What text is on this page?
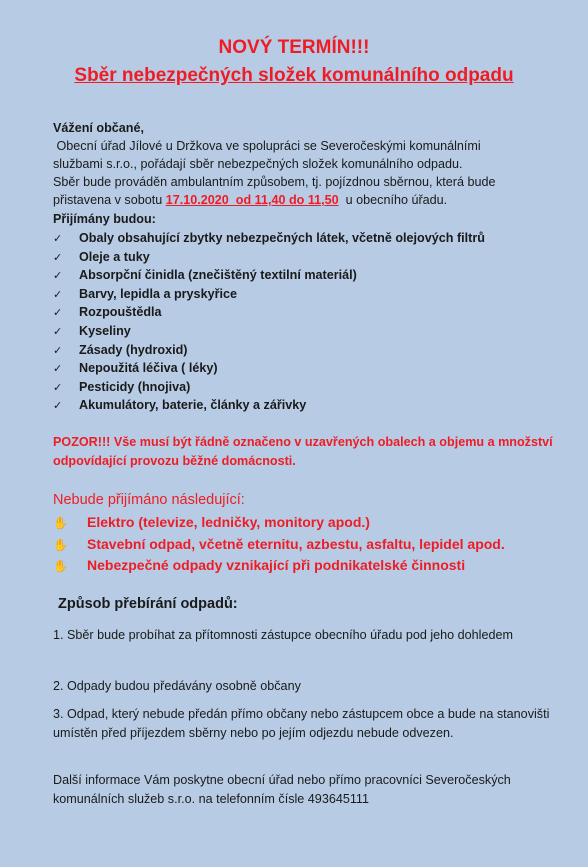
NOVÝ TERMÍN!!!
Sběr nebezpečných složek komunálního odpadu
Vážení občané,
Obecní úřad Jílové u Držkova ve spolupráci se Severočeskými komunálními
službami s.r.o., pořádají sběr nebezpečných složek komunálního odpadu.
Sběr bude prováděn ambulantním způsobem, tj. pojízdnou sběrnou, která bude
přistavena v sobotu 17.10.2020  od 11,40 do 11,50  u obecního úřadu.
Přijímány budou:
✓ Obaly obsahující zbytky nebezpečných látek, včetně olejových filtrů
✓ Oleje a tuky
✓ Absorpční činidla (znečištěný textilní materiál)
✓ Barvy, lepidla a pryskyřice
✓ Rozpouštědla
✓ Kyseliny
✓ Zásady (hydroxid)
✓ Nepoužitá léčiva ( léky)
✓ Pesticidy (hnojiva)
✓ Akumulátory, baterie, články a zářivky
POZOR!!! Vše musí být řádně označeno v uzavřených obalech a objemu a množství odpovídající provozu běžné domácnosti.
Nebude přijímáno následující:
✋ Elektro (televize, ledničky, monitory apod.)
✋ Stavební odpad, včetně eternitu, azbestu, asfaltu, lepidel apod.
✋ Nebezpečné odpady vznikající při podnikatelské činnosti
Způsob přebírání odpadů:
1. Sběr bude probíhat za přítomnosti zástupce obecního úřadu pod jeho dohledem
2. Odpady budou předávány osobně občany
3. Odpad, který nebude předán přímo občany nebo zástupcem obce a bude na stanovišti umístěn před příjezdem sběrny nebo po jejím odjezdu nebude odvezen.
Další informace Vám poskytne obecní úřad nebo přímo pracovníci Severočeských komunálních služeb s.r.o. na telefonním čísle 493645111
